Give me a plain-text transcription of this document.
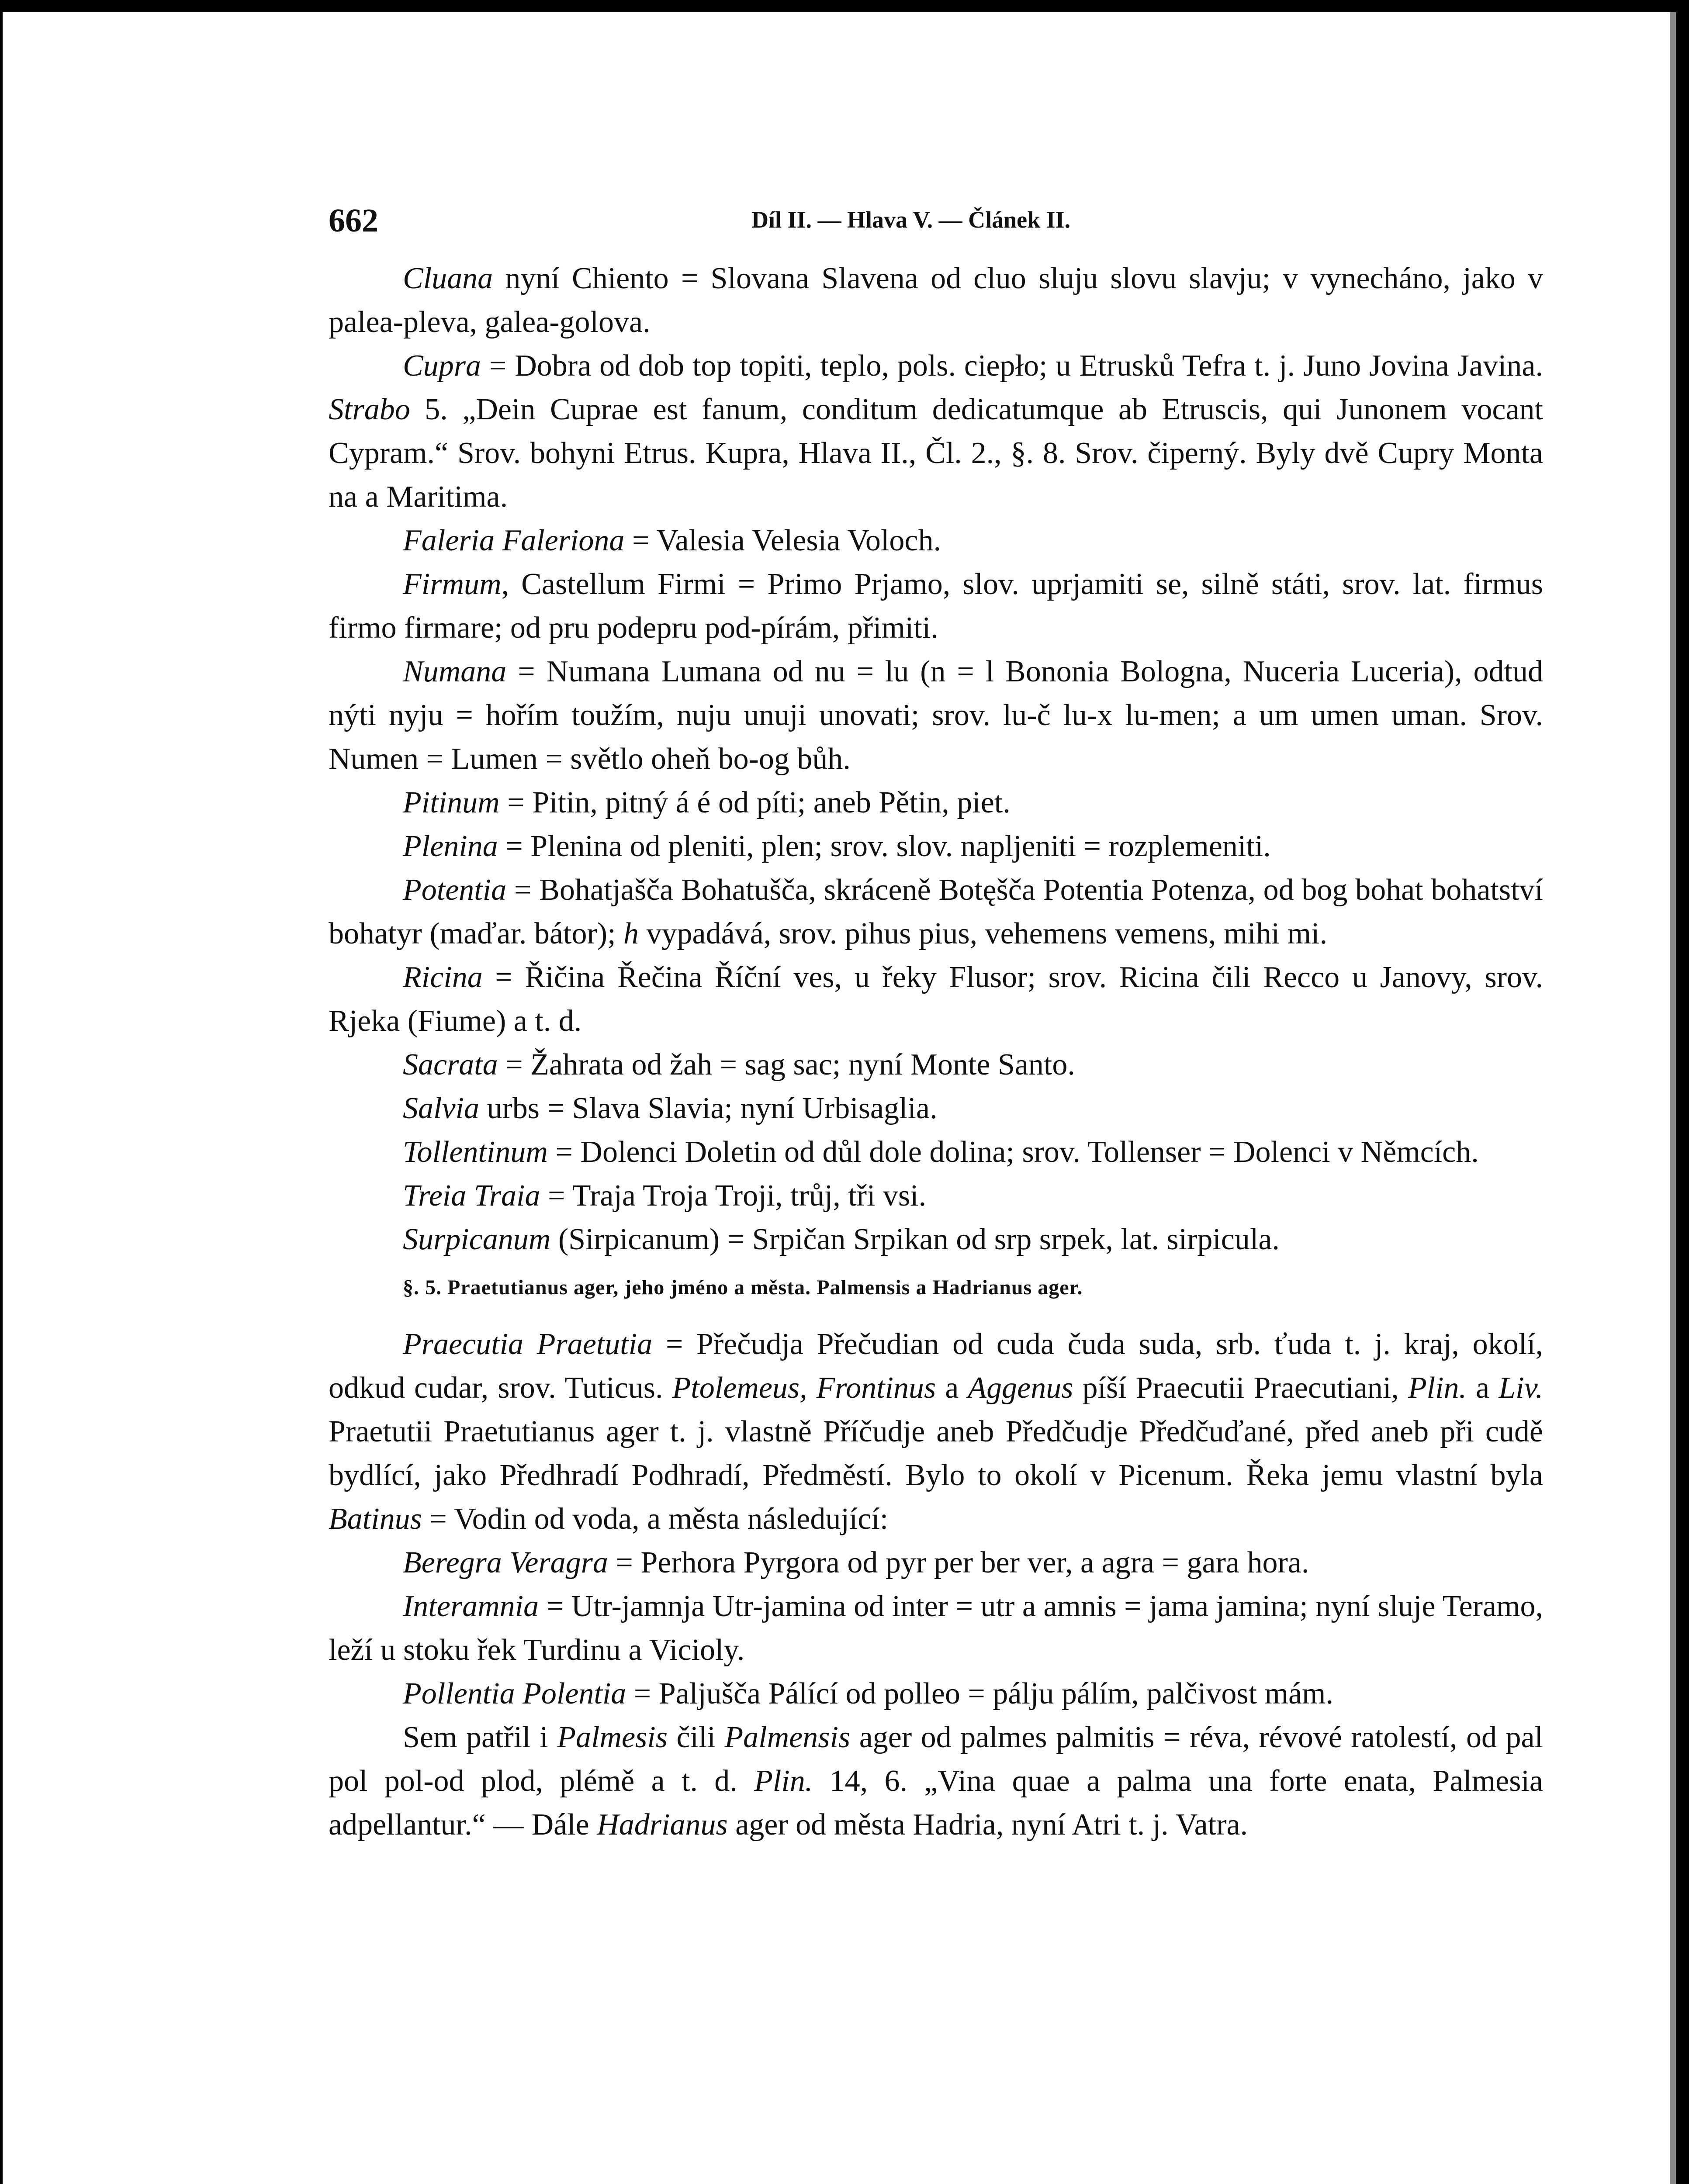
662	Díl II. — Hlava V. — Článek II.

Cluana nyní Chiento = Slovana Slavena od cluo sluju slovu slavju; v vynecháno, jako v palea-pleva, galea-golova.

Cupra = Dobra od dob top topiti, teplo, pols. ciepło; u Etrusků Tefra t. j. Juno Jovina Javina. Strabo 5. „Dein Cuprae est fanum, conditum dedicatumque ab Etruscis, qui Junonem vocant Cypram.“ Srov. bohyni Etrus. Kupra, Hlava II., Čl. 2., §. 8. Srov. čiperný. Byly dvě Cupry Monta na a Maritima.

Faleria Faleriona = Valesia Velesia Voloch.

Firmum, Castellum Firmi = Primo Prjamo, slov. uprjamiti se, silně státi, srov. lat. firmus firmo firmare; od pru podepru pod-pírám, přimiti.

Numana = Numana Lumana od nu = lu (n = l Bononia Bologna, Nuceria Luceria), odtud nýti nyju = hořím toužím, nuju unuji unovati; srov. lu-č lu-x lu-men; a um umen uman. Srov. Numen = Lumen = světlo oheň bo-og bůh.

Pitinum = Pitin, pitný á é od píti; aneb Pětin, piet.

Plenina = Plenina od pleniti, plen; srov. slov. napljeniti = rozplemeniti.

Potentia = Bohatjašča Bohatušča, skráceně Botęšča Potentia Potenza, od bog bohat bohatství bohatyr (maďar. bátor); h vypadává, srov. pihus pius, vehemens vemens, mihi mi.

Ricina = Řičina Řečina Říční ves, u řeky Flusor; srov. Ricina čili Recco u Janovy, srov. Rjeka (Fiume) a t. d.

Sacrata = Žahrata od žah = sag sac; nyní Monte Santo.

Salvia urbs = Slava Slavia; nyní Urbisaglia.

Tollentinum = Dolenci Doletin od důl dole dolina; srov. Tollenser = Dolenci v Němcích.

Treia Traia = Traja Troja Troji, trůj, tři vsi.

Surpicanum (Sirpicanum) = Srpičan Srpikan od srp srpek, lat. sirpicula.

§. 5. Praetutianus ager, jeho jméno a města. Palmensis a Hadrianus ager.

Praecutia Praetutia = Přečudja Přečudian od cuda čuda suda, srb. ťuda t. j. kraj, okolí, odkud cudar, srov. Tuticus. Ptolemeus, Frontinus a Aggenus píší Praecutii Praecutiani, Plin. a Liv. Praetutii Praetutianus ager t. j. vlastně Příčudje aneb Předčudje Předčuďané, před aneb při cudě bydlící, jako Předhradí Podhradí, Předměstí. Bylo to okolí v Picenum. Řeka jemu vlastní byla Batinus = Vodin od voda, a města následující:

Beregra Veragra = Perhora Pyrgora od pyr per ber ver, a agra = gara hora.

Interamnia = Utr-jamnja Utr-jamina od inter = utr a amnis = jama jamina; nyní sluje Teramo, leží u stoku řek Turdinu a Vicioly.

Pollentia Polentia = Paljušča Pálící od polleo = pálju pálím, palčivost mám.

Sem patřil i Palmesis čili Palmensis ager od palmes palmitis = réva, révové ratolestí, od pal pol pol-od plod, plémě a t. d. Plin. 14, 6. „Vina quae a palma una forte enata, Palmesia adpellantur.“ — Dále Hadrianus ager od města Hadria, nyní Atri t. j. Vatra.
